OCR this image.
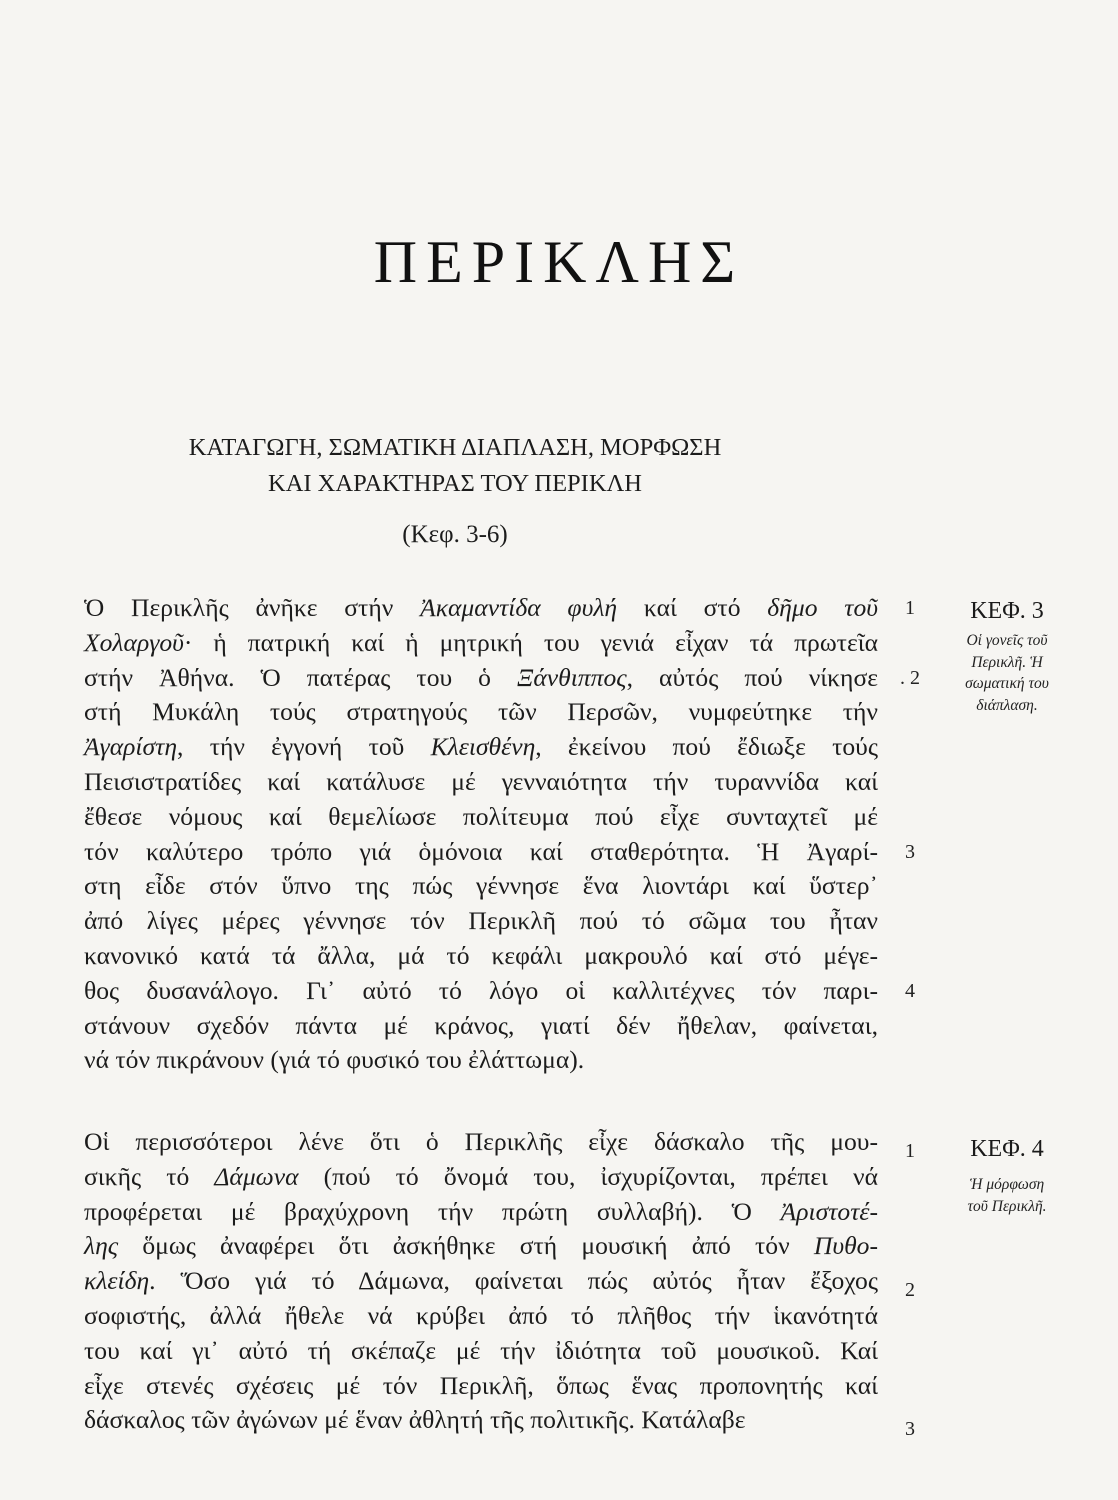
ΠΕΡΙΚΛΗΣ
ΚΑΤΑΓΩΓΗ, ΣΩΜΑΤΙΚΗ ΔΙΑΠΛΑΣΗ, ΜΟΡΦΩΣΗ
ΚΑΙ ΧΑΡΑΚΤΗΡΑΣ ΤΟΥ ΠΕΡΙΚΛΗ
(Κεφ. 3-6)
Ὁ Περικλῆς ἀνῆκε στήν Ἀκαμαντίδα φυλή καί στό δῆμο τοῦ
Χολαργοῦ· ἡ πατρική καί ἡ μητρική του γενιά εἶχαν τά πρωτεῖα
στήν Ἀθήνα. Ὁ πατέρας του ὁ Ξάνθιππος, αὐτός πού νίκησε
στή Μυκάλη τούς στρατηγούς τῶν Περσῶν, νυμφεύτηκε τήν
Ἀγαρίστη, τήν ἐγγονή τοῦ Κλεισθένη, ἐκείνου πού ἔδιωξε τούς
Πεισιστρατίδες καί κατάλυσε μέ γενναιότητα τήν τυραννίδα καί
ἔθεσε νόμους καί θεμελίωσε πολίτευμα πού εἶχε συνταχτεῖ μέ
τόν καλύτερο τρόπο γιά ὁμόνοια καί σταθερότητα. Ἡ Ἀγαρί-
στη εἶδε στόν ὕπνο της πώς γέννησε ἕνα λιοντάρι καί ὕστερ᾽
ἀπό λίγες μέρες γέννησε τόν Περικλῆ πού τό σῶμα του ἦταν
κανονικό κατά τά ἄλλα, μά τό κεφάλι μακρουλό καί στό μέγε-
θος δυσανάλογο. Γι᾽ αὐτό τό λόγο οἱ καλλιτέχνες τόν παρι-
στάνουν σχεδόν πάντα μέ κράνος, γιατί δέν ἤθελαν, φαίνεται,
νά τόν πικράνουν (γιά τό φυσικό του ἐλάττωμα).
1
. 2
3
4
ΚΕΦ. 3
Οἱ γονεῖς τοῦ
Περικλῆ. Ἡ
σωματική του
διάπλαση.
Οἱ περισσότεροι λένε ὅτι ὁ Περικλῆς εἶχε δάσκαλο τῆς μου-
σικῆς τό Δάμωνα (πού τό ὄνομά του, ἰσχυρίζονται, πρέπει νά
προφέρεται μέ βραχύχρονη τήν πρώτη συλλαβή). Ὁ Ἀριστοτέ-
λης ὅμως ἀναφέρει ὅτι ἀσκήθηκε στή μουσική ἀπό τόν Πυθο-
κλείδη. Ὅσο γιά τό Δάμωνα, φαίνεται πώς αὐτός ἦταν ἔξοχος
σοφιστής, ἀλλά ἤθελε νά κρύβει ἀπό τό πλῆθος τήν ἱκανότητά
του καί γι᾽ αὐτό τή σκέπαζε μέ τήν ἰδιότητα τοῦ μουσικοῦ. Καί
εἶχε στενές σχέσεις μέ τόν Περικλῆ, ὅπως ἕνας προπονητής καί
δάσκαλος τῶν ἀγώνων μέ ἕναν ἀθλητή τῆς πολιτικῆς. Κατάλαβε
1
2
3
ΚΕΦ. 4
Ἡ μόρφωση
τοῦ Περικλῆ.
